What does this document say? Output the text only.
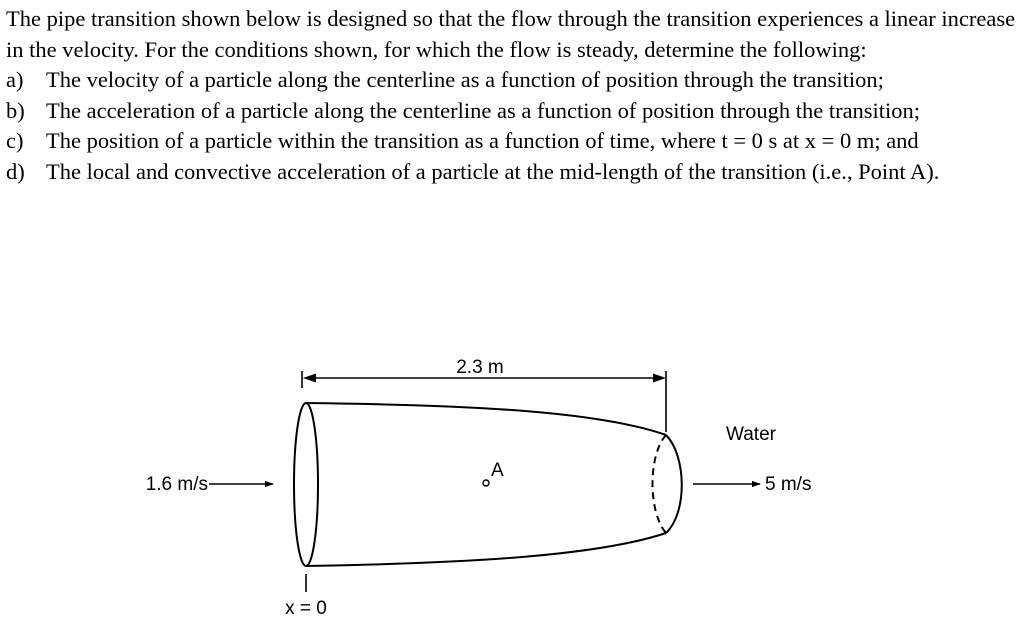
The pipe transition shown below is designed so that the flow through the transition experiences a linear increase in the velocity. For the conditions shown, for which the flow is steady, determine the following:

a)	The velocity of a particle along the centerline as a function of position through the transition;
b) The acceleration of a particle along the centerline as a function of position through the transition;
c)	The position of a particle within the transition as a function of time, where t = 0 s at x = 0 m; and
d) The local and convective acceleration of a particle at the mid-length of the transition (i.e., Point A).
2.3 m
A
1.6 m/s
Water
5 m/s
x = 0
